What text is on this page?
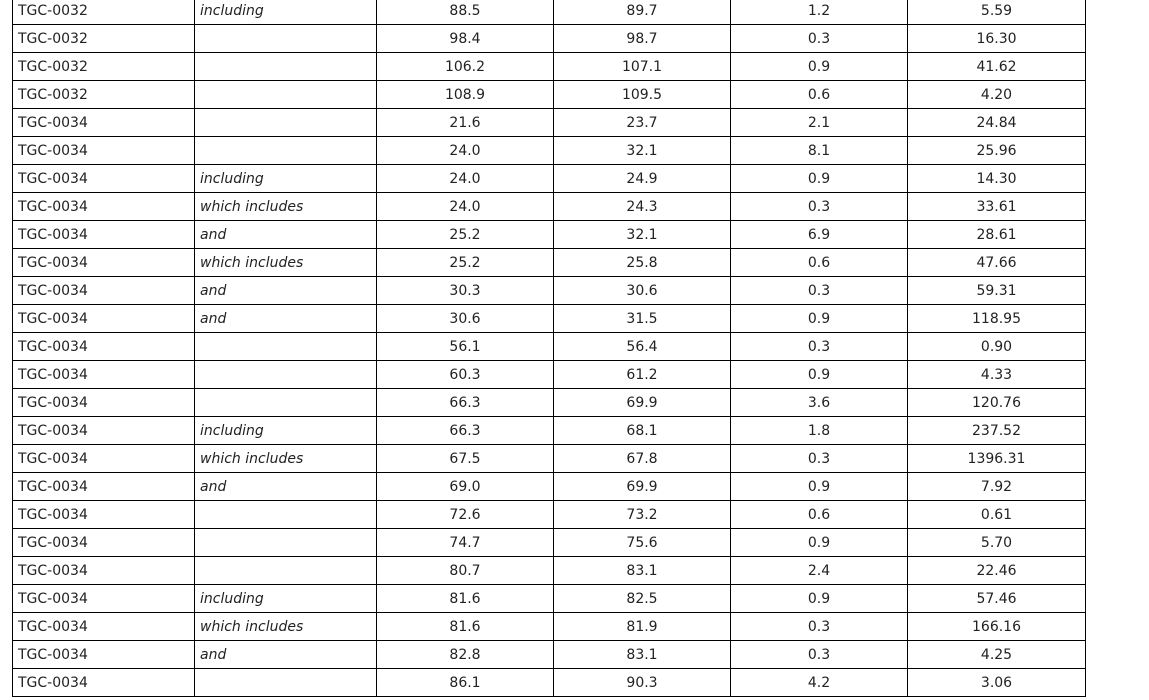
TGC-0032	including	88.5	89.7	1.2	5.59
TGC-0032		98.4	98.7	0.3	16.30
TGC-0032		106.2	107.1	0.9	41.62
TGC-0032		108.9	109.5	0.6	4.20
TGC-0034		21.6	23.7	2.1	24.84
TGC-0034		24.0	32.1	8.1	25.96
TGC-0034	including	24.0	24.9	0.9	14.30
TGC-0034	which includes	24.0	24.3	0.3	33.61
TGC-0034	and	25.2	32.1	6.9	28.61
TGC-0034	which includes	25.2	25.8	0.6	47.66
TGC-0034	and	30.3	30.6	0.3	59.31
TGC-0034	and	30.6	31.5	0.9	118.95
TGC-0034		56.1	56.4	0.3	0.90
TGC-0034		60.3	61.2	0.9	4.33
TGC-0034		66.3	69.9	3.6	120.76
TGC-0034	including	66.3	68.1	1.8	237.52
TGC-0034	which includes	67.5	67.8	0.3	1396.31
TGC-0034	and	69.0	69.9	0.9	7.92
TGC-0034		72.6	73.2	0.6	0.61
TGC-0034		74.7	75.6	0.9	5.70
TGC-0034		80.7	83.1	2.4	22.46
TGC-0034	including	81.6	82.5	0.9	57.46
TGC-0034	which includes	81.6	81.9	0.3	166.16
TGC-0034	and	82.8	83.1	0.3	4.25
TGC-0034		86.1	90.3	4.2	3.06
